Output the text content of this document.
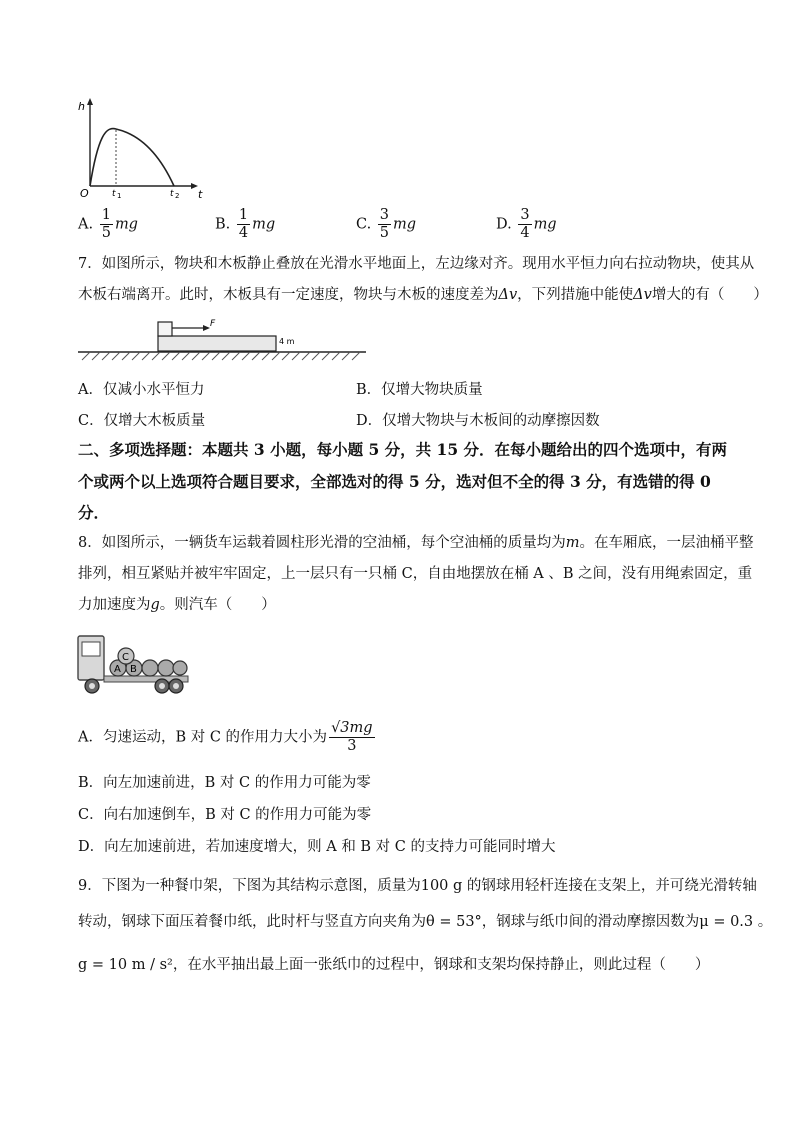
h
t
O	t 1	t 2
A. $\frac{1}{5}$ mg	B. $\frac{1}{4}$ mg	C. $\frac{3}{5}$ mg	D. $\frac{3}{4}$ mg
7．如图所示，物块和木板静止叠放在光滑水平地面上，左边缘对齐。现用水平恒力向右拉动物块，使其从
木板右端离开。此时，木板具有一定速度，物块与木板的速度差为Δv，下列措施中能使Δv增大的有（　　）
F
4 m
A．仅减小水平恒力	B．仅增大物块质量
C．仅增大木板质量	D．仅增大物块与木板间的动摩擦因数
二、多项选择题：本题共 3 小题，每小题 5 分，共 15 分．在每小题给出的四个选项中，有两
个或两个以上选项符合题目要求，全部选对的得 5 分，选对但不全的得 3 分，有选错的得 0
分．
8．如图所示，一辆货车运载着圆柱形光滑的空油桶，每个空油桶的质量均为m。在车厢底，一层油桶平整
排列，相互紧贴并被牢牢固定，上一层只有一只桶 C，自由地摆放在桶 A 、B 之间，没有用绳索固定，重
力加速度为g。则汽车（　　）
A B
C
A．匀速运动，B 对 C 的作用力大小为 $\frac{√3mg}{3}$
B．向左加速前进，B 对 C 的作用力可能为零
C．向右加速倒车，B 对 C 的作用力可能为零
D．向左加速前进，若加速度增大，则 A 和 B 对 C 的支持力可能同时增大
9．下图为一种餐巾架，下图为其结构示意图，质量为100 g 的钢球用轻杆连接在支架上，并可绕光滑转轴
转动，钢球下面压着餐巾纸，此时杆与竖直方向夹角为θ = 53°，钢球与纸巾间的滑动摩擦因数为μ = 0.3 。
g = 10 m / s²，在水平抽出最上面一张纸巾的过程中，钢球和支架均保持静止，则此过程（　　）
